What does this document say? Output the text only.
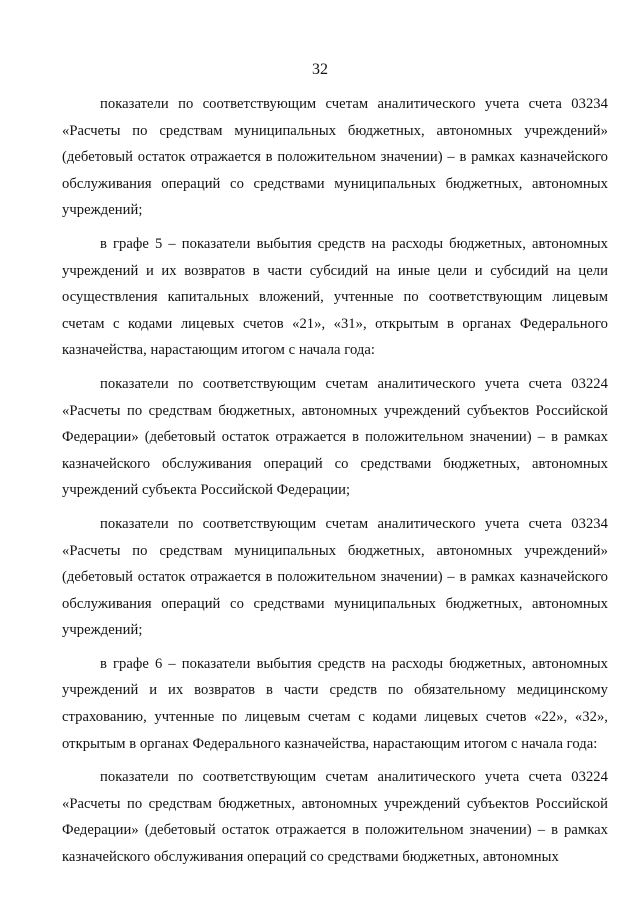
32

показатели по соответствующим счетам аналитического учета счета 03234 «Расчеты по средствам муниципальных бюджетных, автономных учреждений» (дебетовый остаток отражается в положительном значении) – в рамках казначейского обслуживания операций со средствами муниципальных бюджетных, автономных учреждений;

в графе 5 – показатели выбытия средств на расходы бюджетных, автономных учреждений и их возвратов в части субсидий на иные цели и субсидий на цели осуществления капитальных вложений, учтенные по соответствующим лицевым счетам с кодами лицевых счетов «21», «31», открытым в органах Федерального казначейства, нарастающим итогом с начала года:

показатели по соответствующим счетам аналитического учета счета 03224 «Расчеты по средствам бюджетных, автономных учреждений субъектов Российской Федерации» (дебетовый остаток отражается в положительном значении) – в рамках казначейского обслуживания операций со средствами бюджетных, автономных учреждений субъекта Российской Федерации;

показатели по соответствующим счетам аналитического учета счета 03234 «Расчеты по средствам муниципальных бюджетных, автономных учреждений» (дебетовый остаток отражается в положительном значении) – в рамках казначейского обслуживания операций со средствами муниципальных бюджетных, автономных учреждений;

в графе 6 – показатели выбытия средств на расходы бюджетных, автономных учреждений и их возвратов в части средств по обязательному медицинскому страхованию, учтенные по лицевым счетам с кодами лицевых счетов «22», «32», открытым в органах Федерального казначейства, нарастающим итогом с начала года:

показатели по соответствующим счетам аналитического учета счета 03224 «Расчеты по средствам бюджетных, автономных учреждений субъектов Российской Федерации» (дебетовый остаток отражается в положительном значении) – в рамках казначейского обслуживания операций со средствами бюджетных, автономных
